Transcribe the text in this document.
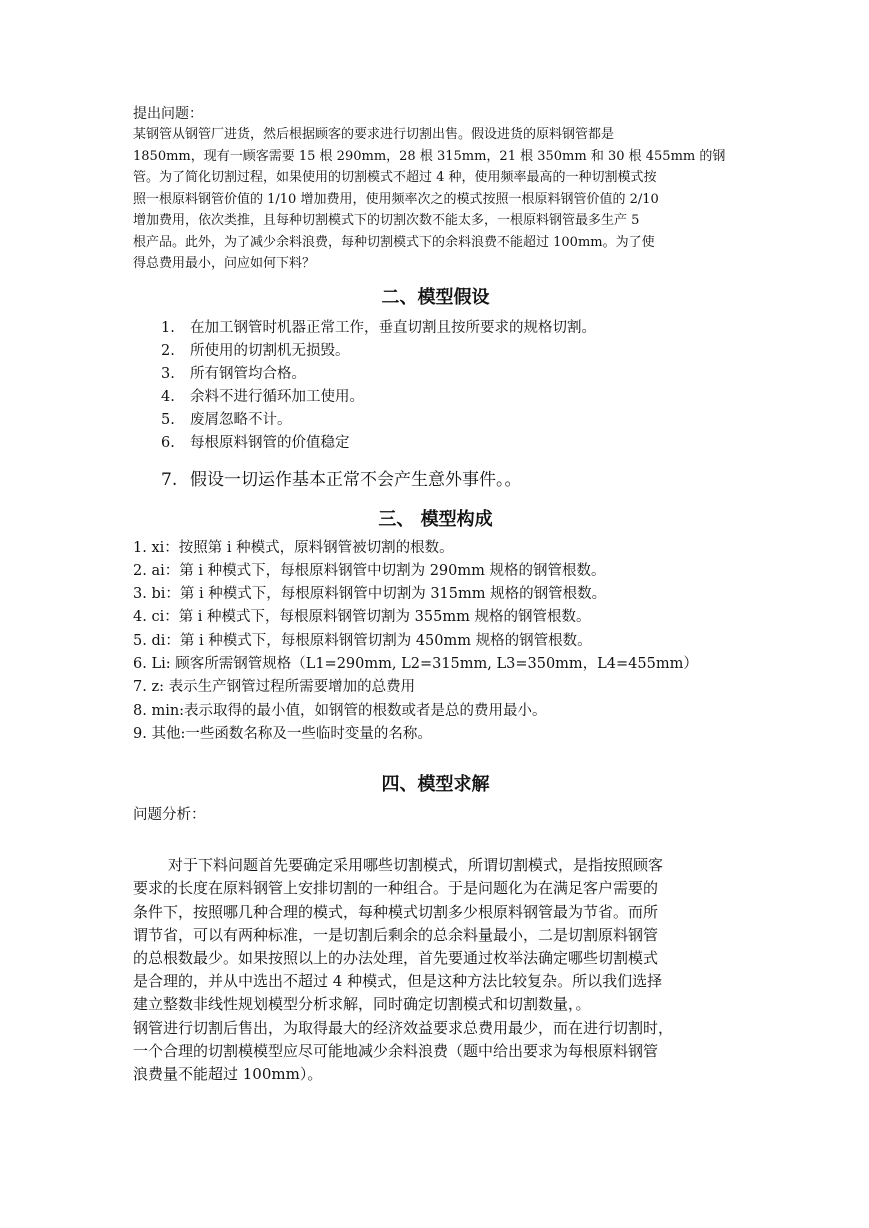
提出问题：
某钢管从钢管厂进货，然后根据顾客的要求进行切割出售。假设进货的原料钢管都是
1850mm，现有一顾客需要 15 根 290mm，28 根 315mm，21 根 350mm 和 30 根 455mm 的钢
管。为了简化切割过程，如果使用的切割模式不超过 4 种，使用频率最高的一种切割模式按
照一根原料钢管价值的 1/10 增加费用，使用频率次之的模式按照一根原料钢管价值的 2/10
增加费用，依次类推，且每种切割模式下的切割次数不能太多，一根原料钢管最多生产 5
根产品。此外，为了减少余料浪费，每种切割模式下的余料浪费不能超过 100mm。为了使
得总费用最小，问应如何下料？
二、模型假设
1. 在加工钢管时机器正常工作，垂直切割且按所要求的规格切割。
2. 所使用的切割机无损毁。
3. 所有钢管均合格。
4. 余料不进行循环加工使用。
5. 废屑忽略不计。
6. 每根原料钢管的价值稳定
7. 假设一切运作基本正常不会产生意外事件。。
三、 模型构成
1. xi：按照第 i 种模式，原料钢管被切割的根数。
2. ai：第 i 种模式下，每根原料钢管中切割为 290mm 规格的钢管根数。
3. bi：第 i 种模式下，每根原料钢管中切割为 315mm 规格的钢管根数。
4. ci：第 i 种模式下，每根原料钢管切割为 355mm 规格的钢管根数。
5. di：第 i 种模式下，每根原料钢管切割为 450mm 规格的钢管根数。
6. Li: 顾客所需钢管规格（L1=290mm, L2=315mm, L3=350mm，L4=455mm）
7. z: 表示生产钢管过程所需要增加的总费用
8. min:表示取得的最小值，如钢管的根数或者是总的费用最小。
9. 其他:一些函数名称及一些临时变量的名称。
四、模型求解
问题分析：
对于下料问题首先要确定采用哪些切割模式，所谓切割模式，是指按照顾客
要求的长度在原料钢管上安排切割的一种组合。于是问题化为在满足客户需要的
条件下，按照哪几种合理的模式，每种模式切割多少根原料钢管最为节省。而所
谓节省，可以有两种标准，一是切割后剩余的总余料量最小，二是切割原料钢管
的总根数最少。如果按照以上的办法处理，首先要通过枚举法确定哪些切割模式
是合理的，并从中选出不超过 4 种模式，但是这种方法比较复杂。所以我们选择
建立整数非线性规划模型分析求解，同时确定切割模式和切割数量，。
钢管进行切割后售出，为取得最大的经济效益要求总费用最少，而在进行切割时，
一个合理的切割模模型应尽可能地减少余料浪费（题中给出要求为每根原料钢管
浪费量不能超过 100mm）。
